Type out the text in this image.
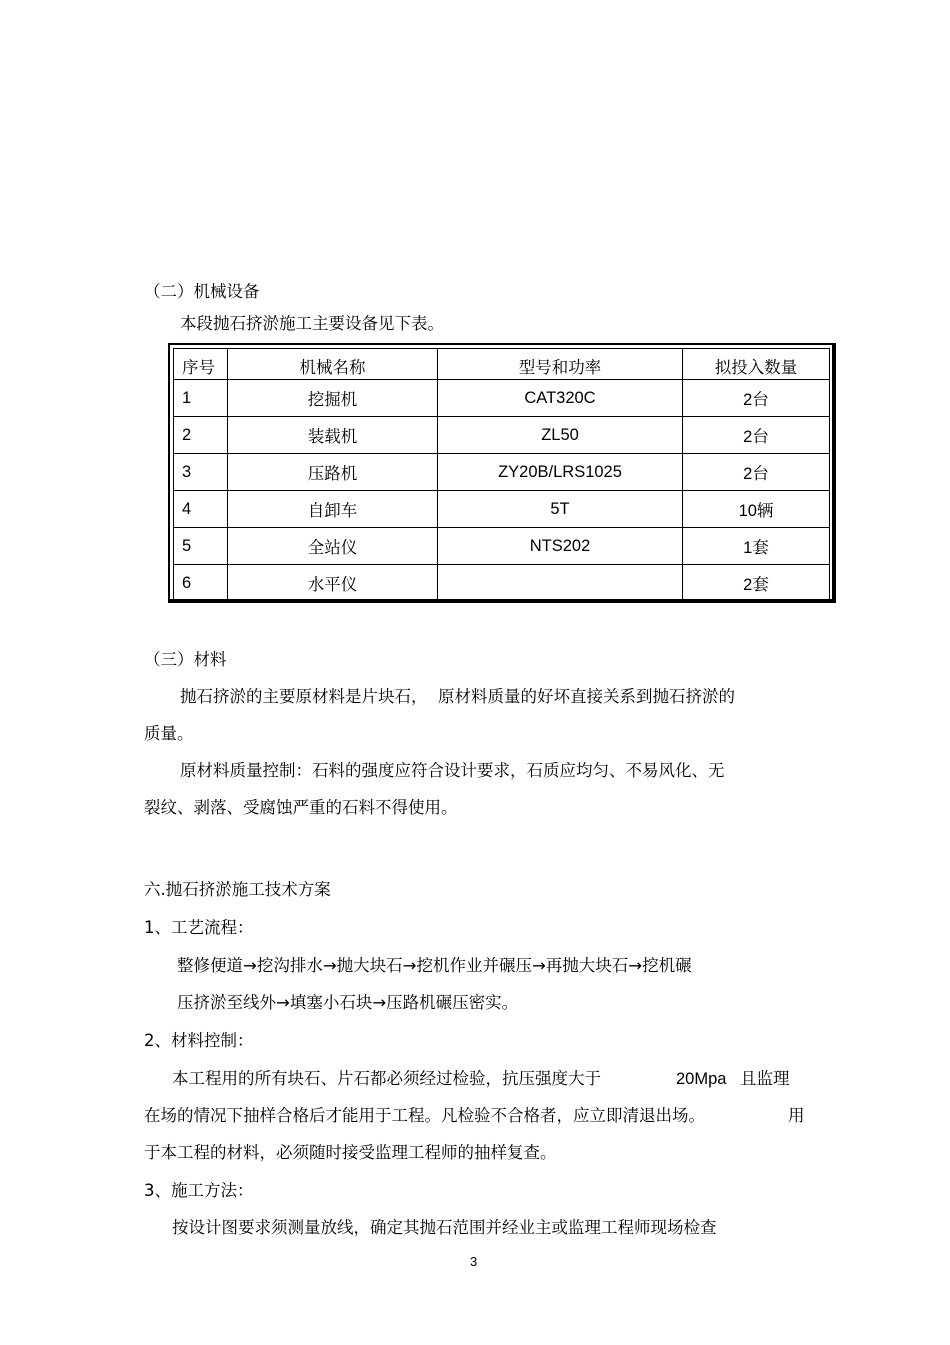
（二）机械设备
本段抛石挤淤施工主要设备见下表。
序号	机械名称	型号和功率	拟投入数量
1	挖掘机	CAT320C	2台
2	装载机	ZL50	2台
3	压路机	ZY20B/LRS1025	2台
4	自卸车	5T	10辆
5	全站仪	NTS202	1套
6	水平仪		2套
（三）材料
抛石挤淤的主要原材料是片块石，  原材料质量的好坏直接关系到抛石挤淤的
质量。
原材料质量控制：石料的强度应符合设计要求，石质应均匀、不易风化、无
裂纹、剥落、受腐蚀严重的石料不得使用。
六.抛石挤淤施工技术方案
1、工艺流程：
整修便道→挖沟排水→抛大块石→挖机作业并碾压→再抛大块石→挖机碾
压挤淤至线外→填塞小石块→压路机碾压密实。
2、材料控制：
本工程用的所有块石、片石都必须经过检验，抗压强度大于	20Mpa 且监理
在场的情况下抽样合格后才能用于工程。凡检验不合格者，应立即清退出场。	用
于本工程的材料，必须随时接受监理工程师的抽样复查。
3、施工方法：
按设计图要求须测量放线，确定其抛石范围并经业主或监理工程师现场检查
3
